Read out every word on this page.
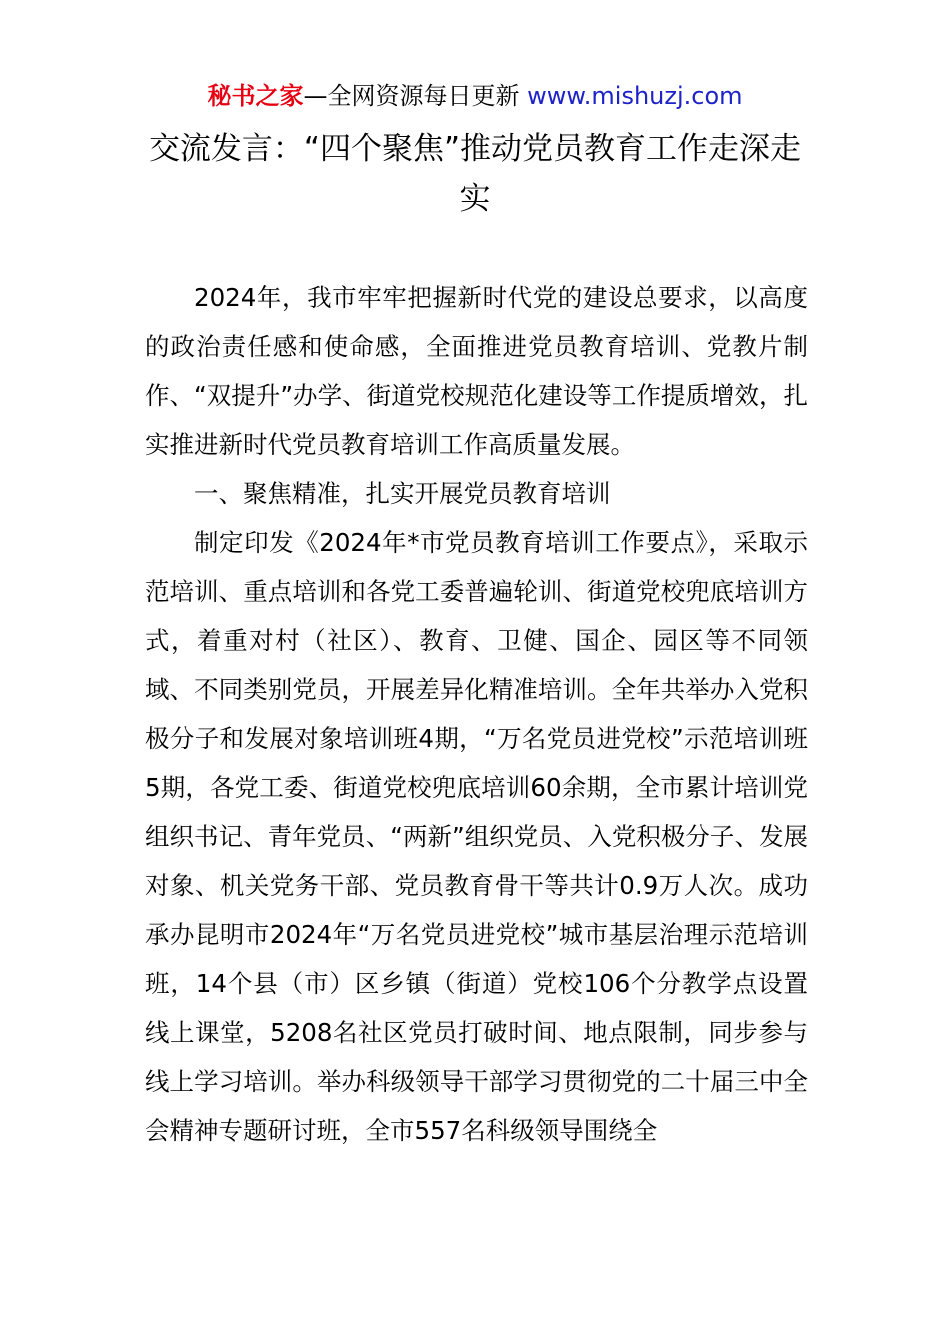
秘书之家—全网资源每日更新 www.mishuzj.com
交流发言：“四个聚焦”推动党员教育工作走深走实

2024年，我市牢牢把握新时代党的建设总要求，以高度的政治责任感和使命感，全面推进党员教育培训、党教片制作、“双提升”办学、街道党校规范化建设等工作提质增效，扎实推进新时代党员教育培训工作高质量发展。

一、聚焦精准，扎实开展党员教育培训

制定印发《2024年*市党员教育培训工作要点》，采取示范培训、重点培训和各党工委普遍轮训、街道党校兜底培训方式，着重对村（社区）、教育、卫健、国企、园区等不同领域、不同类别党员，开展差异化精准培训。全年共举办入党积极分子和发展对象培训班4期，“万名党员进党校”示范培训班5期，各党工委、街道党校兜底培训60余期，全市累计培训党组织书记、青年党员、“两新”组织党员、入党积极分子、发展对象、机关党务干部、党员教育骨干等共计0.9万人次。成功承办昆明市2024年“万名党员进党校”城市基层治理示范培训班，14个县（市）区乡镇（街道）党校106个分教学点设置线上课堂，5208名社区党员打破时间、地点限制，同步参与线上学习培训。举办科级领导干部学习贯彻党的二十届三中全会精神专题研讨班，全市557名科级领导围绕全
